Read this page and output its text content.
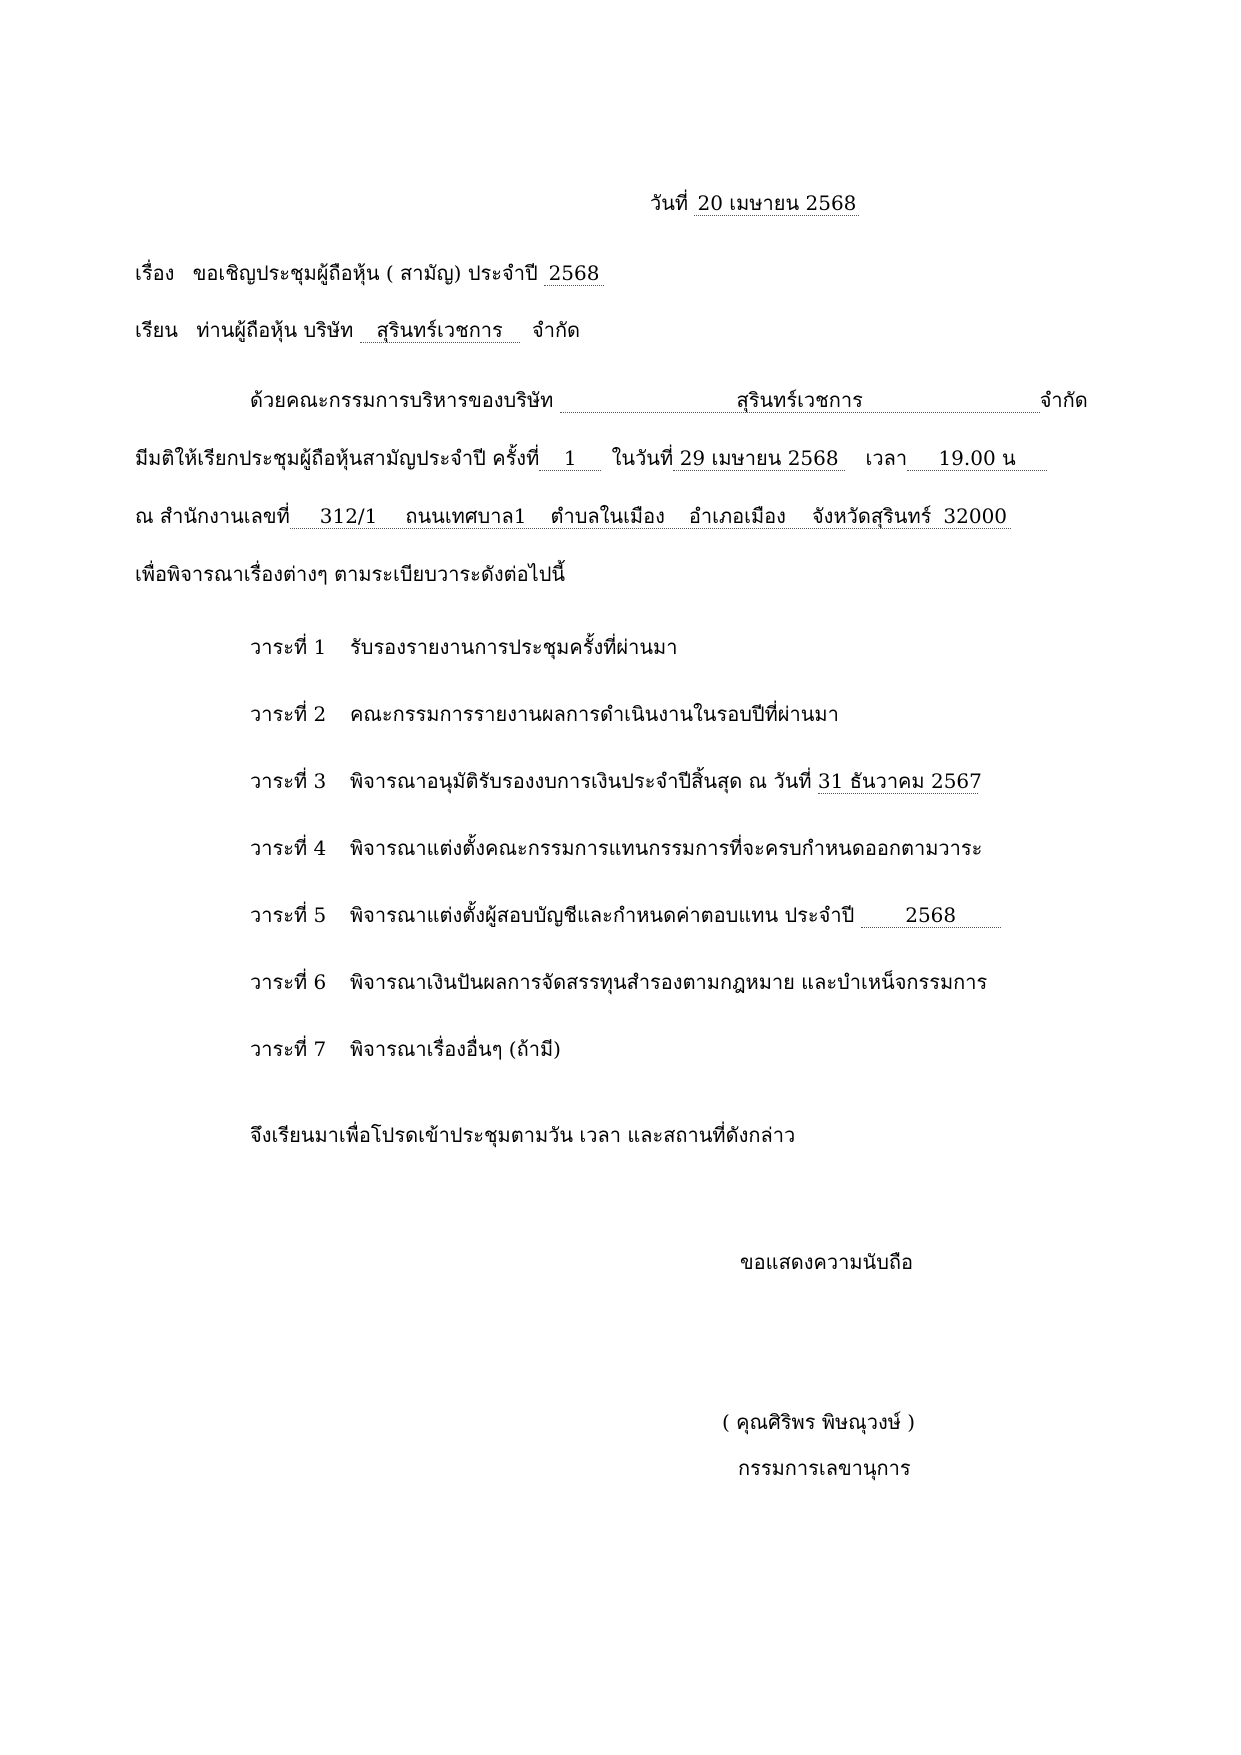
วันที่ 20 เมษายน 2568
เรื่อง ขอเชิญประชุมผู้ถือหุ้น ( สามัญ) ประจำปี 2568
เรียน ท่านผู้ถือหุ้น บริษัท สุรินทร์เวชการ จำกัด
ด้วยคณะกรรมการบริหารของบริษัท	สุรินทร์เวชการ	จำกัด
มีมติให้เรียกประชุมผู้ถือหุ้นสามัญประจำปี ครั้งที่ 1 ในวันที่ 29 เมษายน 2568 เวลา 19.00 น
ณ สำนักงานเลขที่ 312/1 ถนนเทศบาล1 ตำบลในเมือง อำเภอเมือง จังหวัดสุรินทร์ 32000
เพื่อพิจารณาเรื่องต่างๆ ตามระเบียบวาระดังต่อไปนี้
วาระที่ 1 รับรองรายงานการประชุมครั้งที่ผ่านมา
วาระที่ 2 คณะกรรมการรายงานผลการดำเนินงานในรอบปีที่ผ่านมา
วาระที่ 3 พิจารณาอนุมัติรับรองงบการเงินประจำปีสิ้นสุด ณ วันที่ 31 ธันวาคม 2567
วาระที่ 4 พิจารณาแต่งตั้งคณะกรรมการแทนกรรมการที่จะครบกำหนดออกตามวาระ
วาระที่ 5 พิจารณาแต่งตั้งผู้สอบบัญชีและกำหนดค่าตอบแทน ประจำปี	2568
วาระที่ 6 พิจารณาเงินปันผลการจัดสรรทุนสำรองตามกฎหมาย และบำเหน็จกรรมการ
วาระที่ 7 พิจารณาเรื่องอื่นๆ (ถ้ามี)
จึงเรียนมาเพื่อโปรดเข้าประชุมตามวัน เวลา และสถานที่ดังกล่าว
ขอแสดงความนับถือ
( คุณศิริพร พิษณุวงษ์ )
กรรมการเลขานุการ
